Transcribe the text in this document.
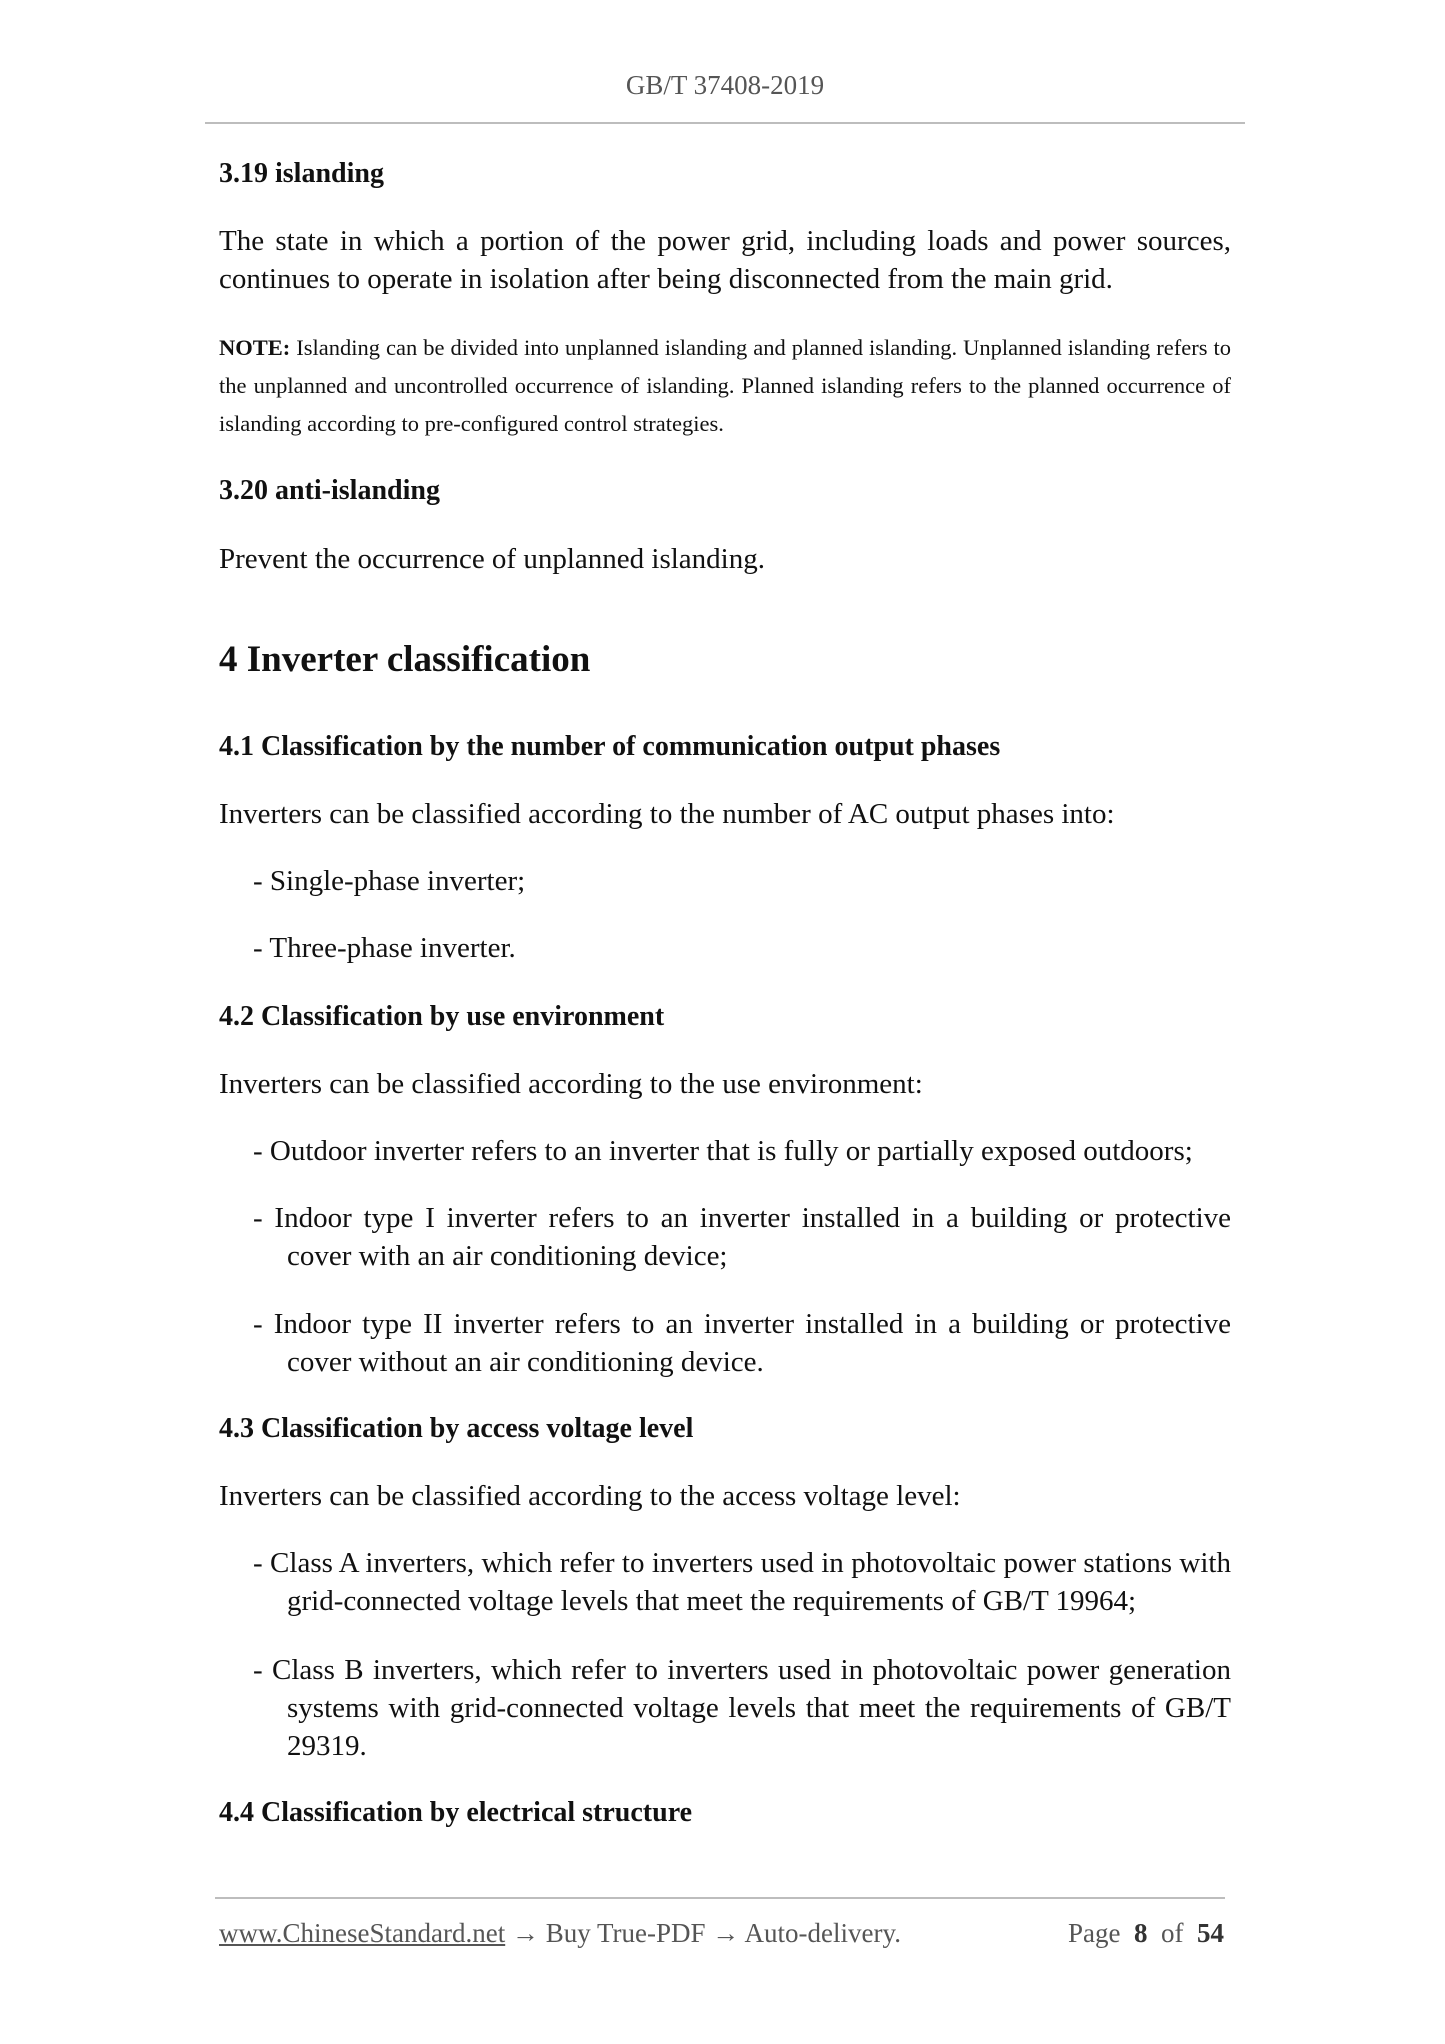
GB/T 37408-2019
3.19 islanding

The state in which a portion of the power grid, including loads and power sources, continues to operate in isolation after being disconnected from the main grid.

NOTE: Islanding can be divided into unplanned islanding and planned islanding. Unplanned islanding refers to the unplanned and uncontrolled occurrence of islanding. Planned islanding refers to the planned occurrence of islanding according to pre-configured control strategies.

3.20 anti-islanding

Prevent the occurrence of unplanned islanding.

4 Inverter classification
4.1 Classification by the number of communication output phases

Inverters can be classified according to the number of AC output phases into:

- Single-phase inverter;

- Three-phase inverter.

4.2 Classification by use environment

Inverters can be classified according to the use environment:

- Outdoor inverter refers to an inverter that is fully or partially exposed outdoors;

- Indoor type I inverter refers to an inverter installed in a building or protective cover with an air conditioning device;

- Indoor type II inverter refers to an inverter installed in a building or protective cover without an air conditioning device.

4.3 Classification by access voltage level

Inverters can be classified according to the access voltage level:

- Class A inverters, which refer to inverters used in photovoltaic power stations with grid-connected voltage levels that meet the requirements of GB/T 19964;

- Class B inverters, which refer to inverters used in photovoltaic power generation systems with grid-connected voltage levels that meet the requirements of GB/T 29319.

4.4 Classification by electrical structure
www.ChineseStandard.net → Buy True-PDF → Auto-delivery.	Page 8 of 54
